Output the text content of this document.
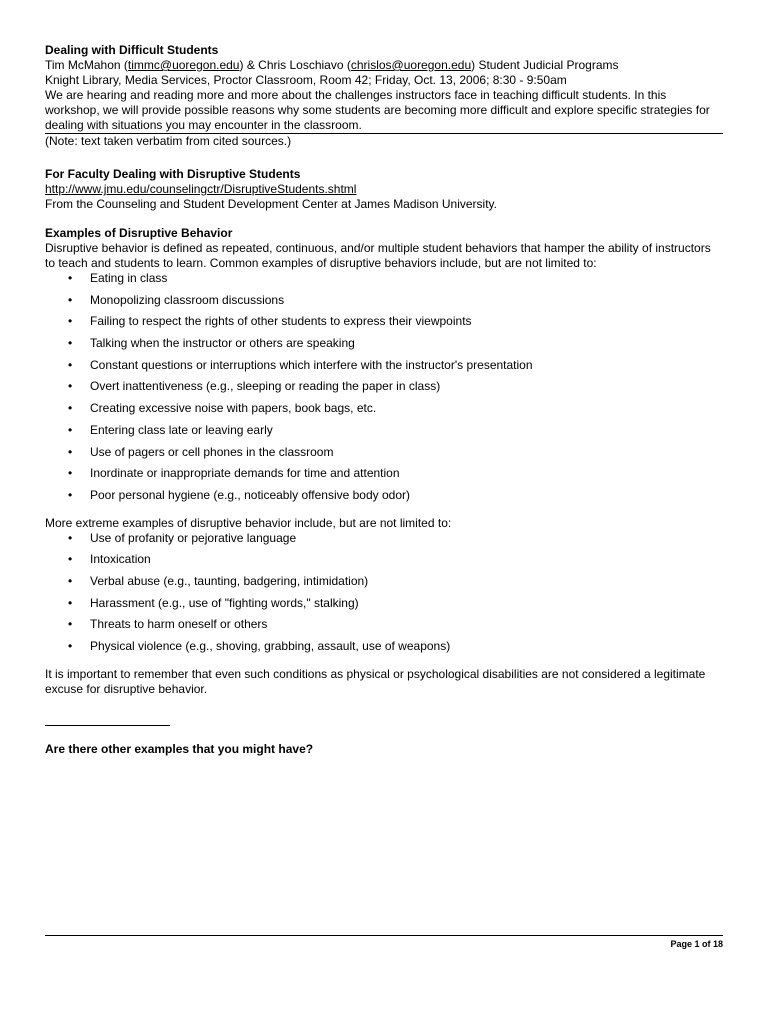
Dealing with Difficult Students
Tim McMahon (timmc@uoregon.edu) & Chris Loschiavo (chrislos@uoregon.edu) Student Judicial Programs
Knight Library, Media Services, Proctor Classroom, Room 42; Friday, Oct. 13, 2006; 8:30 - 9:50am
We are hearing and reading more and more about the challenges instructors face in teaching difficult students. In this workshop, we will provide possible reasons why some students are becoming more difficult and explore specific strategies for dealing with situations you may encounter in the classroom.
(Note: text taken verbatim from cited sources.)
For Faculty Dealing with Disruptive Students
http://www.jmu.edu/counselingctr/DisruptiveStudents.shtml
From the Counseling and Student Development Center at James Madison University.
Examples of Disruptive Behavior
Disruptive behavior is defined as repeated, continuous, and/or multiple student behaviors that hamper the ability of instructors to teach and students to learn. Common examples of disruptive behaviors include, but are not limited to:
• Eating in class
• Monopolizing classroom discussions
• Failing to respect the rights of other students to express their viewpoints
• Talking when the instructor or others are speaking
• Constant questions or interruptions which interfere with the instructor's presentation
• Overt inattentiveness (e.g., sleeping or reading the paper in class)
• Creating excessive noise with papers, book bags, etc.
• Entering class late or leaving early
• Use of pagers or cell phones in the classroom
• Inordinate or inappropriate demands for time and attention
• Poor personal hygiene (e.g., noticeably offensive body odor)
More extreme examples of disruptive behavior include, but are not limited to:
• Use of profanity or pejorative language
• Intoxication
• Verbal abuse (e.g., taunting, badgering, intimidation)
• Harassment (e.g., use of "fighting words," stalking)
• Threats to harm oneself or others
• Physical violence (e.g., shoving, grabbing, assault, use of weapons)
It is important to remember that even such conditions as physical or psychological disabilities are not considered a legitimate excuse for disruptive behavior.
Are there other examples that you might have?
Page 1 of 18
